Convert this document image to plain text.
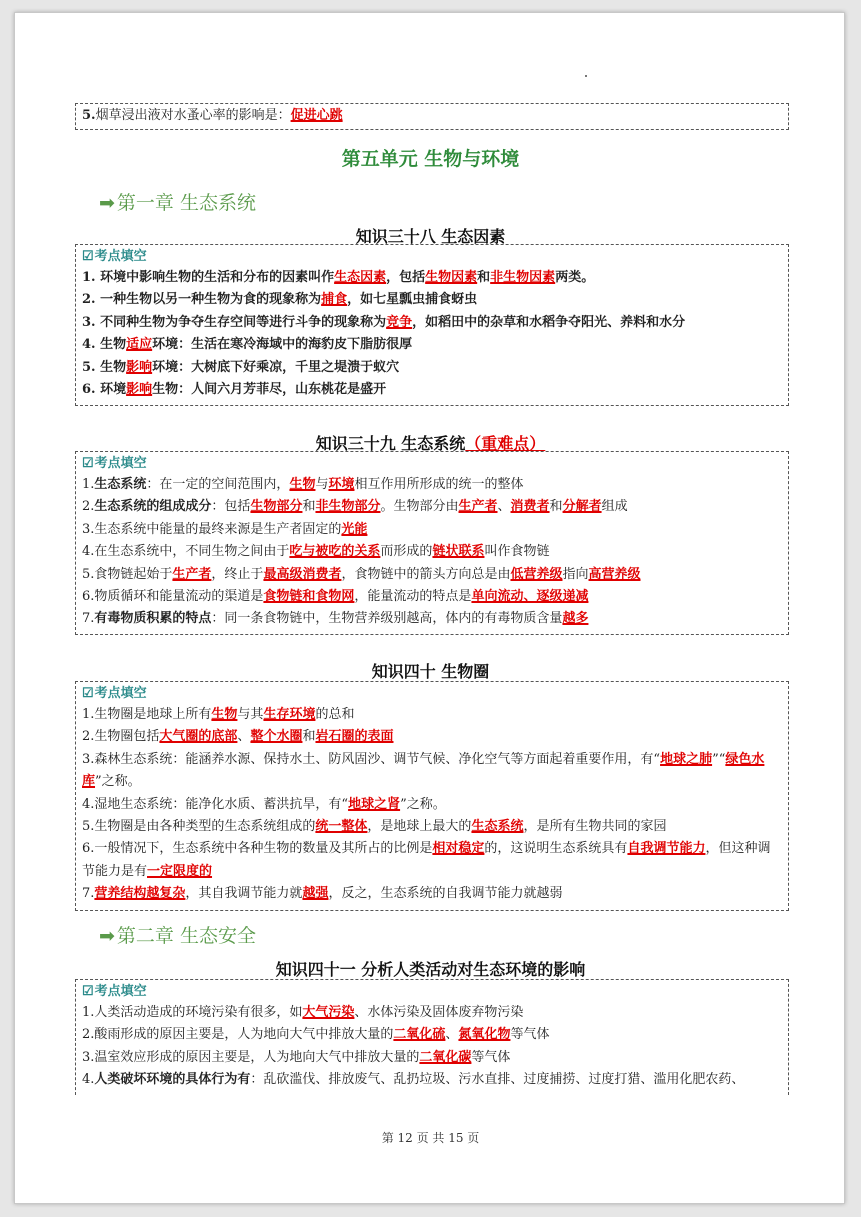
5.烟草浸出液对水蚤心率的影响是：促进心跳
第五单元 生物与环境
➡ 第一章 生态系统
知识三十八 生态因素
☑考点填空
1. 环境中影响生物的生活和分布的因素叫作生态因素，包括生物因素和非生物因素两类。
2. 一种生物以另一种生物为食的现象称为捕食，如七星瓢虫捕食蚜虫
3. 不同种生物为争夺生存空间等进行斗争的现象称为竞争，如稻田中的杂草和水稻争夺阳光、养料和水分
4. 生物适应环境：生活在寒冷海域中的海豹皮下脂肪很厚
5. 生物影响环境：大树底下好乘凉，千里之堤溃于蚁穴
6. 环境影响生物：人间六月芳菲尽，山东桃花是盛开
知识三十九 生态系统（重难点）
☑考点填空
1.生态系统：在一定的空间范围内，生物与环境相互作用所形成的统一的整体
2.生态系统的组成成分：包括生物部分和非生物部分。生物部分由生产者、消费者和分解者组成
3.生态系统中能量的最终来源是生产者固定的光能
4.在生态系统中，不同生物之间由于吃与被吃的关系而形成的链状联系叫作食物链
5.食物链起始于生产者，终止于最高级消费者，食物链中的箭头方向总是由低营养级指向高营养级
6.物质循环和能量流动的渠道是食物链和食物网，能量流动的特点是单向流动、逐级递减
7.有毒物质积累的特点：同一条食物链中，生物营养级别越高，体内的有毒物质含量越多
知识四十 生物圈
☑考点填空
1.生物圈是地球上所有生物与其生存环境的总和
2.生物圈包括大气圈的底部、整个水圈和岩石圈的表面
3.森林生态系统：能涵养水源、保持水土、防风固沙、调节气候、净化空气等方面起着重要作用，有“地球之肺”“绿色水库”之称。
4.湿地生态系统：能净化水质、蓄洪抗旱，有“地球之肾”之称。
5.生物圈是由各种类型的生态系统组成的统一整体，是地球上最大的生态系统，是所有生物共同的家园
6.一般情况下，生态系统中各种生物的数量及其所占的比例是相对稳定的，这说明生态系统具有自我调节能力，但这种调节能力是有一定限度的
7.营养结构越复杂，其自我调节能力就越强，反之，生态系统的自我调节能力就越弱
➡ 第二章 生态安全
知识四十一 分析人类活动对生态环境的影响
☑考点填空
1.人类活动造成的环境污染有很多，如大气污染、水体污染及固体废弃物污染
2.酸雨形成的原因主要是，人为地向大气中排放大量的二氧化硫、氮氧化物等气体
3.温室效应形成的原因主要是，人为地向大气中排放大量的二氧化碳等气体
4.人类破坏环境的具体行为有：乱砍滥伐、排放废气、乱扔垃圾、污水直排、过度捕捞、过度打猎、滥用化肥农药、
第 12 页 共 15 页
